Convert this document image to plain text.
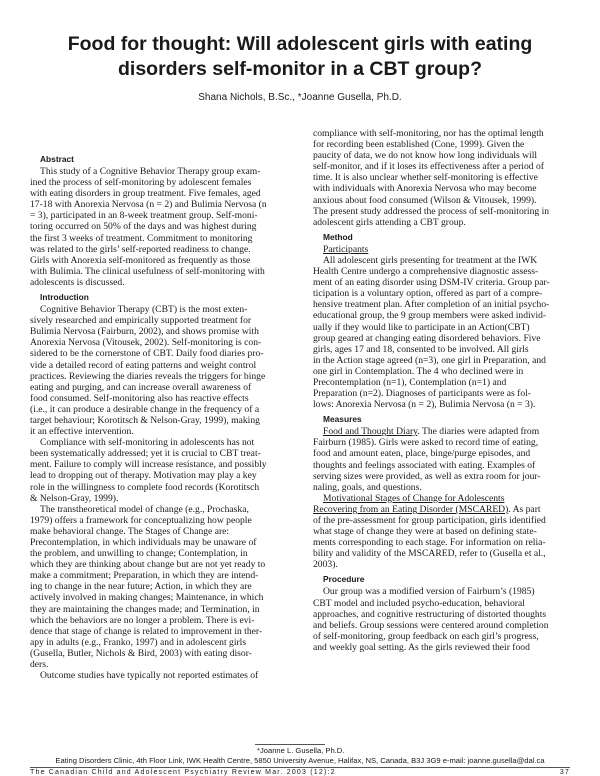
Food for thought: Will adolescent girls with eating
disorders self-monitor in a CBT group?
Shana Nichols, B.Sc., *Joanne Gusella, Ph.D.
Abstract
This study of a Cognitive Behavior Therapy group exam-
ined the process of self-monitoring by adolescent females
with eating disorders in group treatment. Five females, aged
17-18 with Anorexia Nervosa (n = 2) and Bulimia Nervosa (n
= 3), participated in an 8-week treatment group. Self-moni-
toring occurred on 50% of the days and was highest during
the first 3 weeks of treatment. Commitment to monitoring
was related to the girls’ self-reported readiness to change.
Girls with Anorexia self-monitored as frequently as those
with Bulimia. The clinical usefulness of self-monitoring with
adolescents is discussed.
Introduction
Cognitive Behavior Therapy (CBT) is the most exten-
sively researched and empirically supported treatment for
Bulimia Nervosa (Fairburn, 2002), and shows promise with
Anorexia Nervosa (Vitousek, 2002). Self-monitoring is con-
sidered to be the cornerstone of CBT. Daily food diaries pro-
vide a detailed record of eating patterns and weight control
practices. Reviewing the diaries reveals the triggers for binge
eating and purging, and can increase overall awareness of
food consumed. Self-monitoring also has reactive effects
(i.e., it can produce a desirable change in the frequency of a
target behaviour; Korotitsch & Nelson-Gray, 1999), making
it an effective intervention.
Compliance with self-monitoring in adolescents has not
been systematically addressed; yet it is crucial to CBT treat-
ment. Failure to comply will increase resistance, and possibly
lead to dropping out of therapy. Motivation may play a key
role in the willingness to complete food records (Korotitsch
& Nelson-Gray, 1999).
The transtheoretical model of change (e.g., Prochaska,
1979) offers a framework for conceptualizing how people
make behavioral change. The Stages of Change are:
Precontemplation, in which individuals may be unaware of
the problem, and unwilling to change; Contemplation, in
which they are thinking about change but are not yet ready to
make a commitment; Preparation, in which they are intend-
ing to change in the near future; Action, in which they are
actively involved in making changes; Maintenance, in which
they are maintaining the changes made; and Termination, in
which the behaviors are no longer a problem. There is evi-
dence that stage of change is related to improvement in ther-
apy in adults (e.g., Franko, 1997) and in adolescent girls
(Gusella, Butler, Nichols & Bird, 2003) with eating disor-
ders.
Outcome studies have typically not reported estimates of
compliance with self-monitoring, nor has the optimal length
for recording been established (Cone, 1999). Given the
paucity of data, we do not know how long individuals will
self-monitor, and if it loses its effectiveness after a period of
time. It is also unclear whether self-monitoring is effective
with individuals with Anorexia Nervosa who may become
anxious about food consumed (Wilson & Vitousek, 1999).
The present study addressed the process of self-monitoring in
adolescent girls attending a CBT group.
Method
Participants
All adolescent girls presenting for treatment at the IWK
Health Centre undergo a comprehensive diagnostic assess-
ment of an eating disorder using DSM-IV criteria. Group par-
ticipation is a voluntary option, offered as part of a compre-
hensive treatment plan. After completion of an initial psycho-
educational group, the 9 group members were asked individ-
ually if they would like to participate in an Action(CBT)
group geared at changing eating disordered behaviors. Five
girls, ages 17 and 18, consented to be involved. All girls
in the Action stage agreed (n=3), one girl in Preparation, and
one girl in Contemplation. The 4 who declined were in
Precontemplation (n=1), Contemplation (n=1) and
Preparation (n=2). Diagnoses of participants were as fol-
lows: Anorexia Nervosa (n = 2), Bulimia Nervosa (n = 3).
Measures
Food and Thought Diary. The diaries were adapted from
Fairburn (1985). Girls were asked to record time of eating,
food and amount eaten, place, binge/purge episodes, and
thoughts and feelings associated with eating. Examples of
serving sizes were provided, as well as extra room for jour-
naling, goals, and questions.
Motivational Stages of Change for Adolescents
Recovering from an Eating Disorder (MSCARED). As part
of the pre-assessment for group participation, girls identified
what stage of change they were at based on defining state-
ments corresponding to each stage. For information on relia-
bility and validity of the MSCARED, refer to (Gusella et al.,
2003).
Procedure
Our group was a modified version of Fairburn’s (1985)
CBT model and included psycho-education, behavioral
approaches, and cognitive restructuring of distorted thoughts
and beliefs. Group sessions were centered around completion
of self-monitoring, group feedback on each girl’s progress,
and weekly goal setting. As the girls reviewed their food
*Joanne L. Gusella, Ph.D.
Eating Disorders Clinic, 4th Floor Link, IWK Health Centre, 5850 University Avenue, Halifax, NS, Canada, B3J 3G9 e-mail: joanne.gusella@dal.ca
The Canadian Child and Adolescent Psychiatry Review Mar. 2003 (12):2	37
